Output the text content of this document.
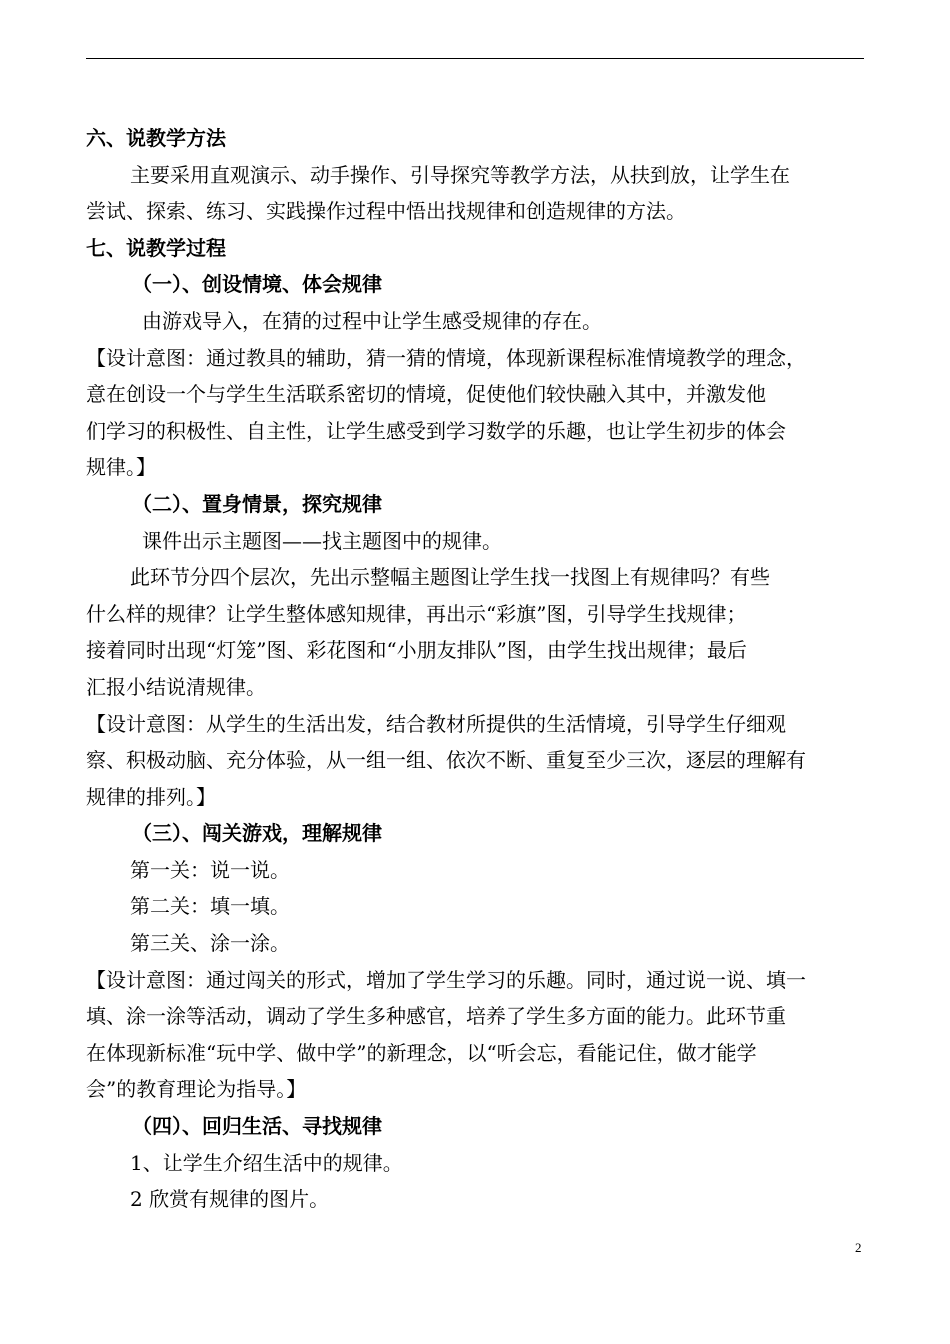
六、说教学方法
主要采用直观演示、动手操作、引导探究等教学方法，从扶到放，让学生在
尝试、探索、练习、实践操作过程中悟出找规律和创造规律的方法。
七、说教学过程
（一）、创设情境、体会规律
由游戏导入，在猜的过程中让学生感受规律的存在。
【设计意图：通过教具的辅助，猜一猜的情境，体现新课程标准情境教学的理念，
意在创设一个与学生生活联系密切的情境，促使他们较快融入其中，并激发他
们学习的积极性、自主性，让学生感受到学习数学的乐趣，也让学生初步的体会
规律。】
（二）、置身情景，探究规律
课件出示主题图——找主题图中的规律。
此环节分四个层次，先出示整幅主题图让学生找一找图上有规律吗？有些
什么样的规律？让学生整体感知规律，再出示“彩旗”图，引导学生找规律；
接着同时出现“灯笼”图、彩花图和“小朋友排队”图，由学生找出规律；最后
汇报小结说清规律。
【设计意图：从学生的生活出发，结合教材所提供的生活情境，引导学生仔细观
察、积极动脑、充分体验，从一组一组、依次不断、重复至少三次，逐层的理解有
规律的排列。】
（三）、闯关游戏，理解规律
第一关：说一说。
第二关：填一填。
第三关、涂一涂。
【设计意图：通过闯关的形式，增加了学生学习的乐趣。同时，通过说一说、填一
填、涂一涂等活动，调动了学生多种感官，培养了学生多方面的能力。此环节重
在体现新标准“玩中学、做中学”的新理念，以“听会忘，看能记住，做才能学
会”的教育理论为指导。】
（四）、回归生活、寻找规律
1、让学生介绍生活中的规律。
2 欣赏有规律的图片。
2
